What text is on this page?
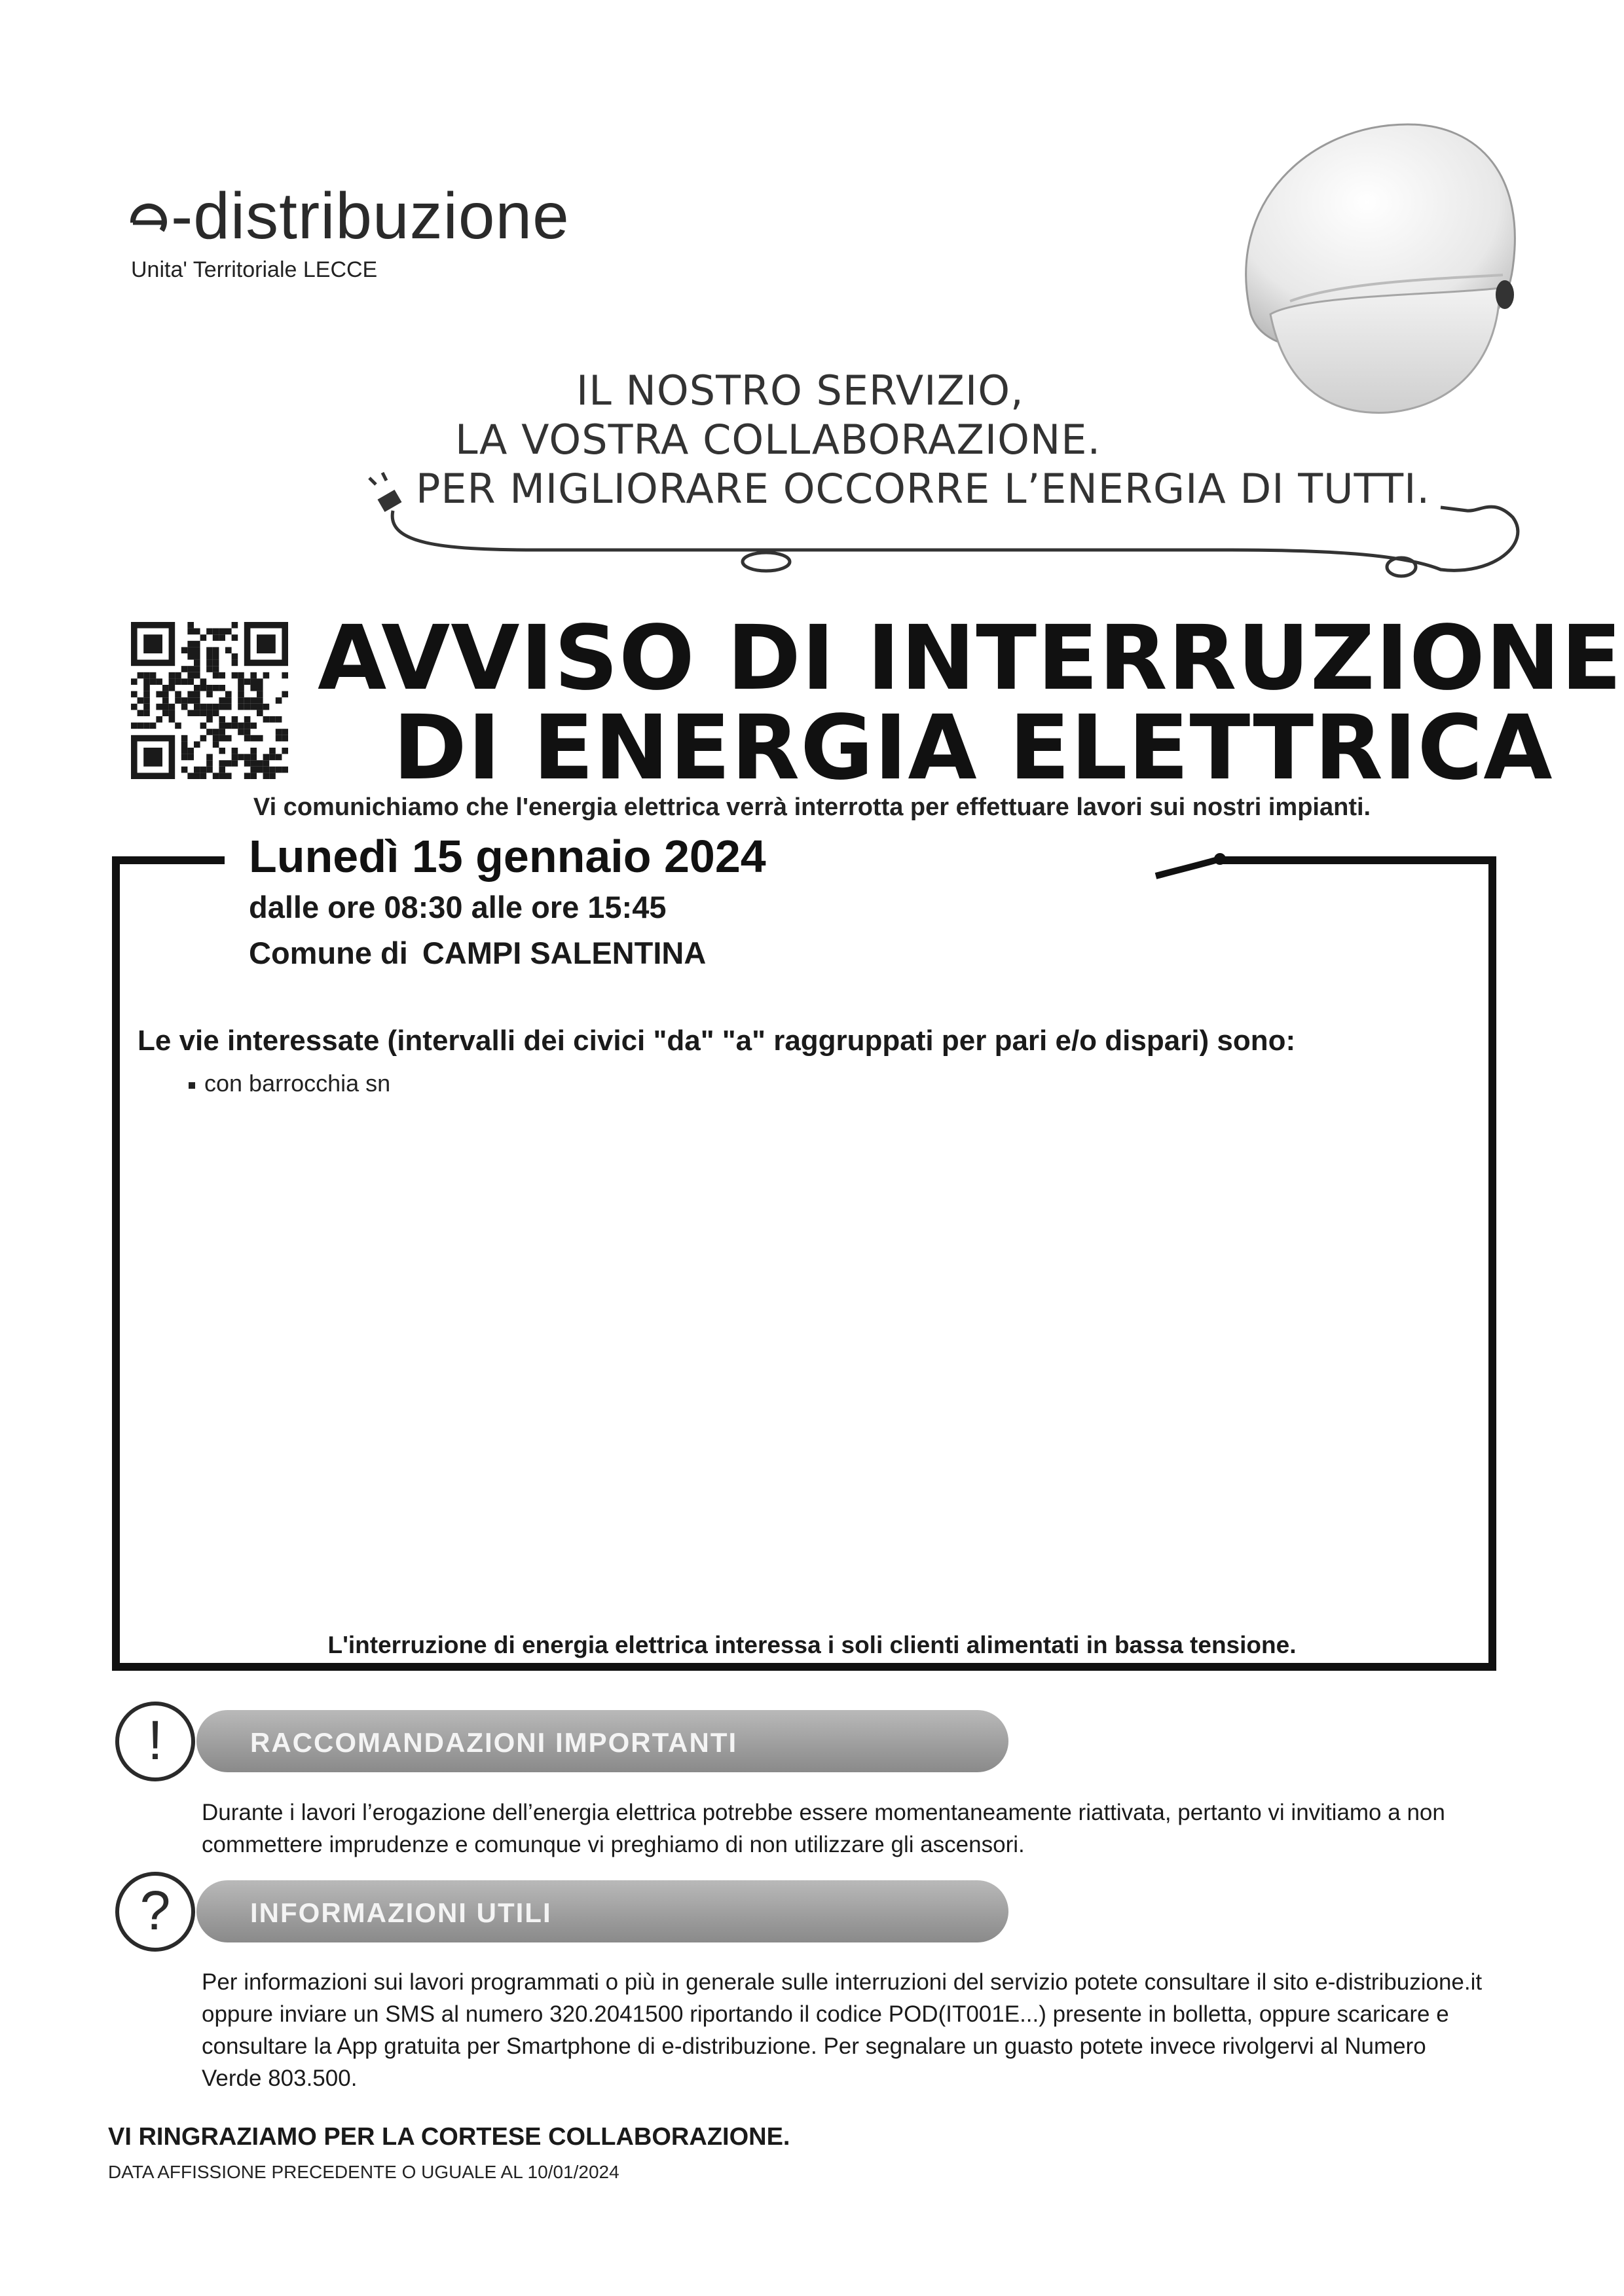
-distribuzione
Unita' Territoriale LECCE
IL NOSTRO SERVIZIO,
LA VOSTRA COLLABORAZIONE.
PER MIGLIORARE OCCORRE L’ENERGIA DI TUTTI.
AVVISO DI INTERRUZIONE
DI ENERGIA ELETTRICA
Vi comunichiamo che l'energia elettrica verrà interrotta per effettuare lavori sui nostri impianti.
Lunedì 15 gennaio 2024
dalle ore 08:30 alle ore 15:45
Comune di CAMPI SALENTINA
Le vie interessate (intervalli dei civici "da" "a" raggruppati per pari e/o dispari) sono:
con barrocchia sn
L'interruzione di energia elettrica interessa i soli clienti alimentati in bassa tensione.
!	RACCOMANDAZIONI IMPORTANTI
Durante i lavori l’erogazione dell’energia elettrica potrebbe essere momentaneamente riattivata, pertanto vi invitiamo a non commettere imprudenze e comunque vi preghiamo di non utilizzare gli ascensori.
?	INFORMAZIONI UTILI
Per informazioni sui lavori programmati o più in generale sulle interruzioni del servizio potete consultare il sito e-distribuzione.it oppure inviare un SMS al numero 320.2041500 riportando il codice POD(IT001E...) presente in bolletta, oppure scaricare e consultare la App gratuita per Smartphone di e-distribuzione. Per segnalare un guasto potete invece rivolgervi al Numero Verde 803.500.
VI RINGRAZIAMO PER LA CORTESE COLLABORAZIONE.
DATA AFFISSIONE PRECEDENTE O UGUALE AL 10/01/2024
